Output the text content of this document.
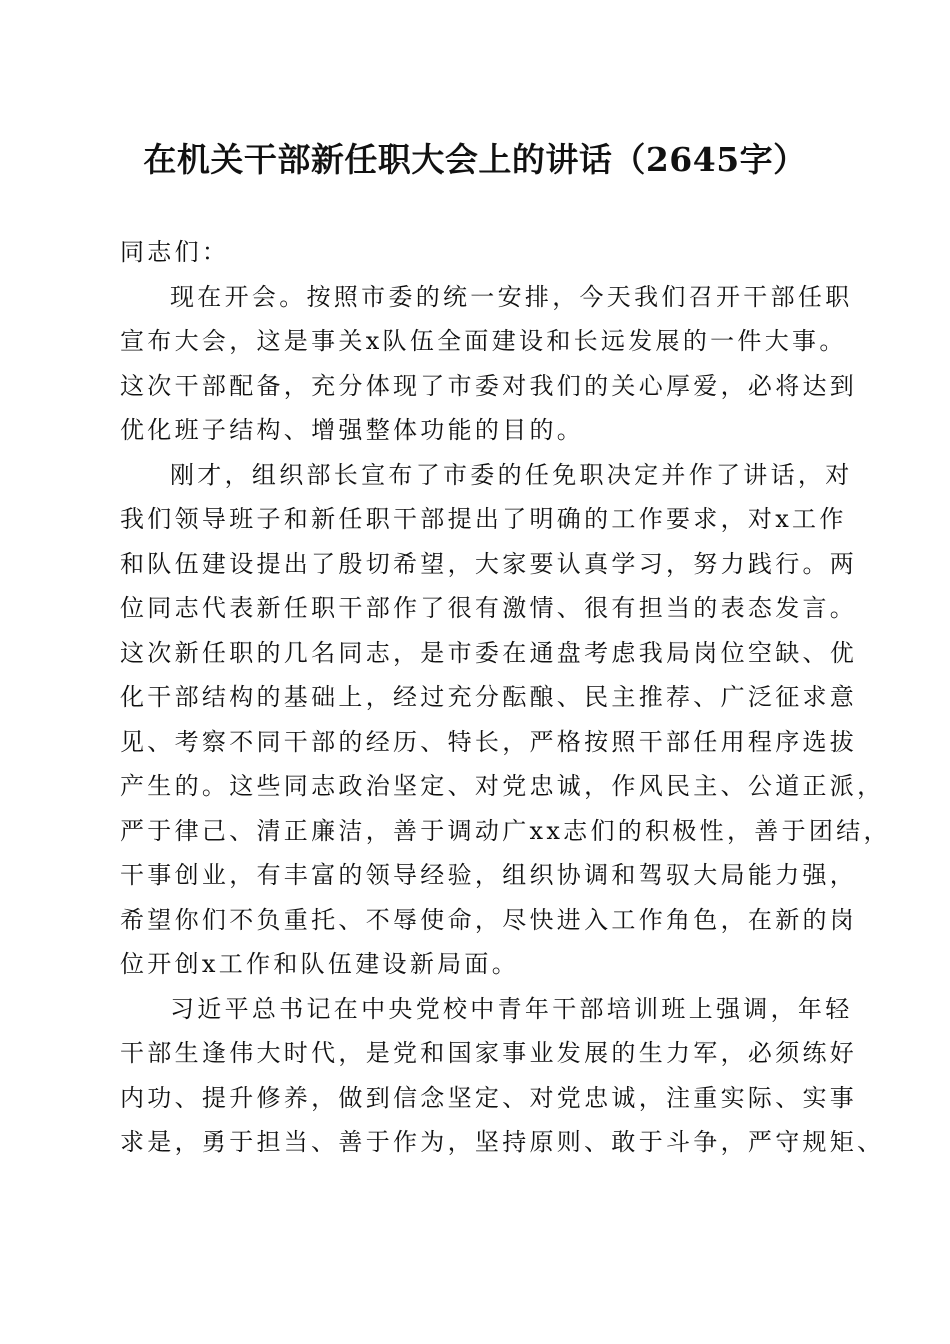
在机关干部新任职大会上的讲话（2645字）
同志们：
现在开会。按照市委的统一安排，今天我们召开干部任职
宣布大会，这是事关x队伍全面建设和长远发展的一件大事。
这次干部配备，充分体现了市委对我们的关心厚爱，必将达到
优化班子结构、增强整体功能的目的。
刚才，组织部长宣布了市委的任免职决定并作了讲话，对
我们领导班子和新任职干部提出了明确的工作要求，对x工作
和队伍建设提出了殷切希望，大家要认真学习，努力践行。两
位同志代表新任职干部作了很有激情、很有担当的表态发言。
这次新任职的几名同志，是市委在通盘考虑我局岗位空缺、优
化干部结构的基础上，经过充分酝酿、民主推荐、广泛征求意
见、考察不同干部的经历、特长，严格按照干部任用程序选拔
产生的。这些同志政治坚定、对党忠诚，作风民主、公道正派，
严于律己、清正廉洁，善于调动广xx志们的积极性，善于团结，
干事创业，有丰富的领导经验，组织协调和驾驭大局能力强，
希望你们不负重托、不辱使命，尽快进入工作角色，在新的岗
位开创x工作和队伍建设新局面。
习近平总书记在中央党校中青年干部培训班上强调，年轻
干部生逢伟大时代，是党和国家事业发展的生力军，必须练好
内功、提升修养，做到信念坚定、对党忠诚，注重实际、实事
求是，勇于担当、善于作为，坚持原则、敢于斗争，严守规矩、
